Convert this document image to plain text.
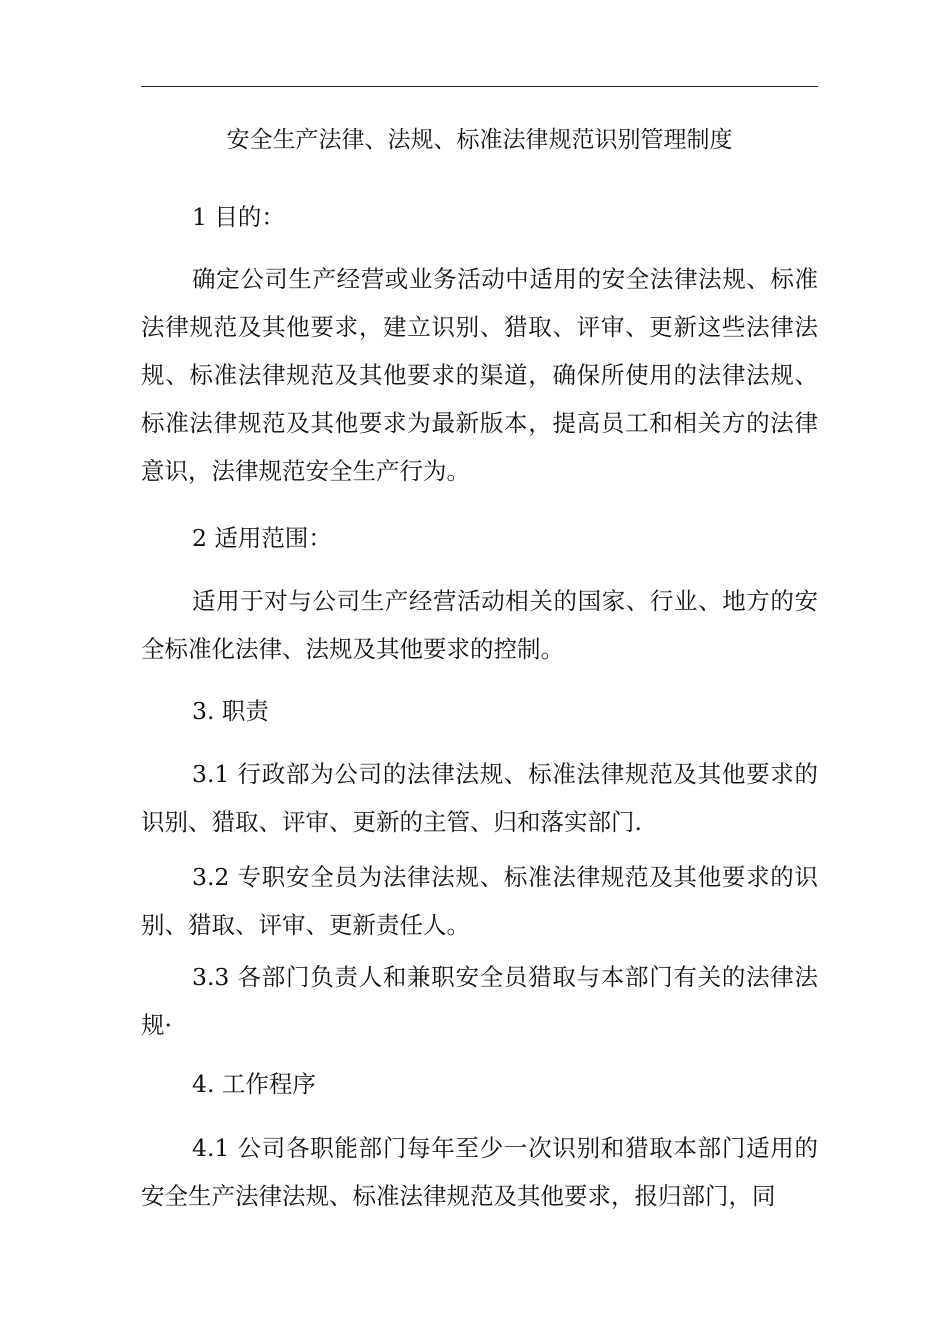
安全生产法律、法规、标准法律规范识别管理制度
1 目的：

确定公司生产经营或业务活动中适用的安全法律法规、标准法律规范及其他要求，建立识别、猎取、评审、更新这些法律法规、标准法律规范及其他要求的渠道，确保所使用的法律法规、标准法律规范及其他要求为最新版本，提高员工和相关方的法律意识，法律规范安全生产行为。

2 适用范围：

适用于对与公司生产经营活动相关的国家、行业、地方的安全标准化法律、法规及其他要求的控制。

3. 职责

3.1 行政部为公司的法律法规、标准法律规范及其他要求的识别、猎取、评审、更新的主管、归和落实部门.

3.2 专职安全员为法律法规、标准法律规范及其他要求的识别、猎取、评审、更新责任人。

3.3 各部门负责人和兼职安全员猎取与本部门有关的法律法规·

4. 工作程序

4.1 公司各职能部门每年至少一次识别和猎取本部门适用的安全生产法律法规、标准法律规范及其他要求，报归部门，同
